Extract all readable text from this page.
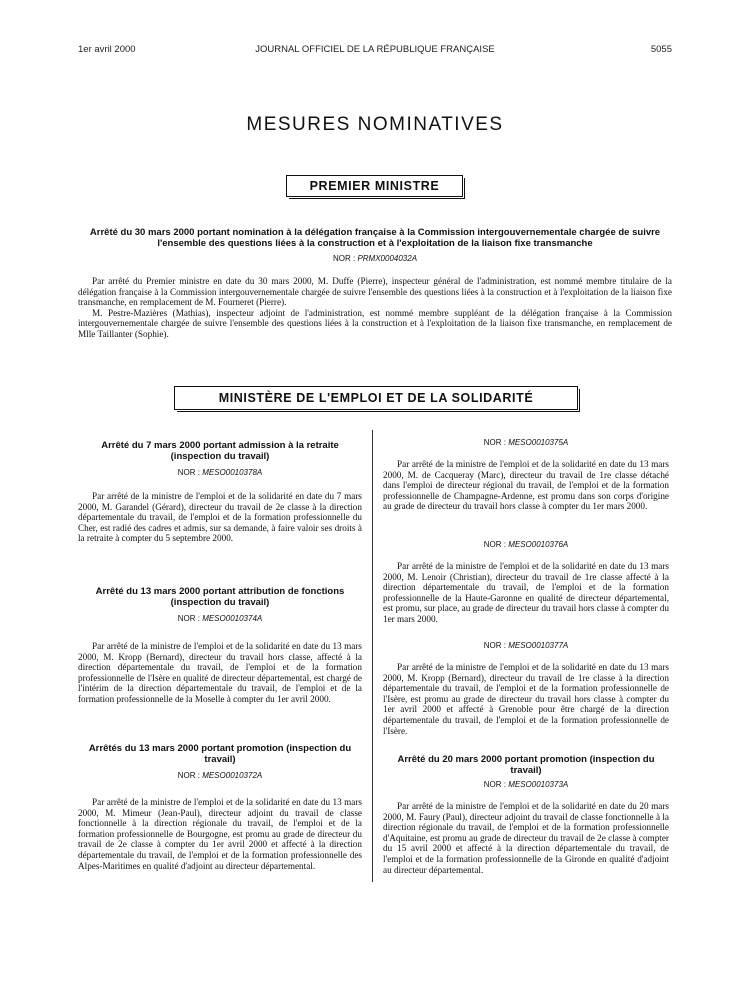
1er avril 2000	JOURNAL OFFICIEL DE LA RÉPUBLIQUE FRANÇAISE	5055
MESURES NOMINATIVES
PREMIER MINISTRE
Arrêté du 30 mars 2000 portant nomination à la délégation française à la Commission intergouvernementale chargée de suivre l'ensemble des questions liées à la construction et à l'exploitation de la liaison fixe transmanche
NOR : PRMX0004032A

Par arrêté du Premier ministre en date du 30 mars 2000, M. Duffe (Pierre), inspecteur général de l'administration, est nommé membre titulaire de la délégation française à la Commission intergouvernementale chargée de suivre l'ensemble des questions liées à la construction et à l'exploitation de la liaison fixe transmanche, en remplacement de M. Fourneret (Pierre).

M. Pestre-Mazières (Mathias), inspecteur adjoint de l'administration, est nommé membre suppléant de la délégation française à la Commission intergouvernementale chargée de suivre l'ensemble des questions liées à la construction et à l'exploitation de la liaison fixe transmanche, en remplacement de Mlle Taillanter (Sophie).

MINISTÈRE DE L'EMPLOI ET DE LA SOLIDARITÉ
Arrêté du 7 mars 2000 portant admission à la retraite (inspection du travail)
NOR : MESO0010378A

Par arrêté de la ministre de l'emploi et de la solidarité en date du 7 mars 2000, M. Garandel (Gérard), directeur du travail de 2e classe à la direction départementale du travail, de l'emploi et de la formation professionnelle du Cher, est radié des cadres et admis, sur sa demande, à faire valoir ses droits à la retraite à compter du 5 septembre 2000.

Arrêté du 13 mars 2000 portant attribution de fonctions (inspection du travail)
NOR : MESO0010374A

Par arrêté de la ministre de l'emploi et de la solidarité en date du 13 mars 2000, M. Kropp (Bernard), directeur du travail hors classe, affecté à la direction départementale du travail, de l'emploi et de la formation professionnelle de l'Isère en qualité de directeur départemental, est chargé de l'intérim de la direction départementale du travail, de l'emploi et de la formation professionnelle de la Moselle à compter du 1er avril 2000.

Arrêtés du 13 mars 2000 portant promotion (inspection du travail)
NOR : MESO0010372A

Par arrêté de la ministre de l'emploi et de la solidarité en date du 13 mars 2000, M. Mimeur (Jean-Paul), directeur adjoint du travail de classe fonctionnelle à la direction régionale du travail, de l'emploi et de la formation professionnelle de Bourgogne, est promu au grade de directeur du travail de 2e classe à compter du 1er avril 2000 et affecté à la direction départementale du travail, de l'emploi et de la formation professionnelle des Alpes-Maritimes en qualité d'adjoint au directeur départemental.

NOR : MESO0010375A

Par arrêté de la ministre de l'emploi et de la solidarité en date du 13 mars 2000, M. de Cacqueray (Marc), directeur du travail de 1re classe détaché dans l'emploi de directeur régional du travail, de l'emploi et de la formation professionnelle de Champagne-Ardenne, est promu dans son corps d'origine au grade de directeur du travail hors classe à compter du 1er mars 2000.

NOR : MESO0010376A

Par arrêté de la ministre de l'emploi et de la solidarité en date du 13 mars 2000, M. Lenoir (Christian), directeur du travail de 1re classe affecté à la direction départementale du travail, de l'emploi et de la formation professionnelle de la Haute-Garonne en qualité de directeur départemental, est promu, sur place, au grade de directeur du travail hors classe à compter du 1er mars 2000.

NOR : MESO0010377A

Par arrêté de la ministre de l'emploi et de la solidarité en date du 13 mars 2000, M. Kropp (Bernard), directeur du travail de 1re classe à la direction départementale du travail, de l'emploi et de la formation professionnelle de l'Isère, est promu au grade de directeur du travail hors classe à compter du 1er avril 2000 et affecté à Grenoble pour être chargé de la direction départementale du travail, de l'emploi et de la formation professionnelle de l'Isère.

Arrêté du 20 mars 2000 portant promotion (inspection du travail)
NOR : MESO0010373A

Par arrêté de la ministre de l'emploi et de la solidarité en date du 20 mars 2000, M. Faury (Paul), directeur adjoint du travail de classe fonctionnelle à la direction régionale du travail, de l'emploi et de la formation professionnelle d'Aquitaine, est promu au grade de directeur du travail de 2e classe à compter du 15 avril 2000 et affecté à la direction départementale du travail, de l'emploi et de la formation professionnelle de la Gironde en qualité d'adjoint au directeur départemental.
